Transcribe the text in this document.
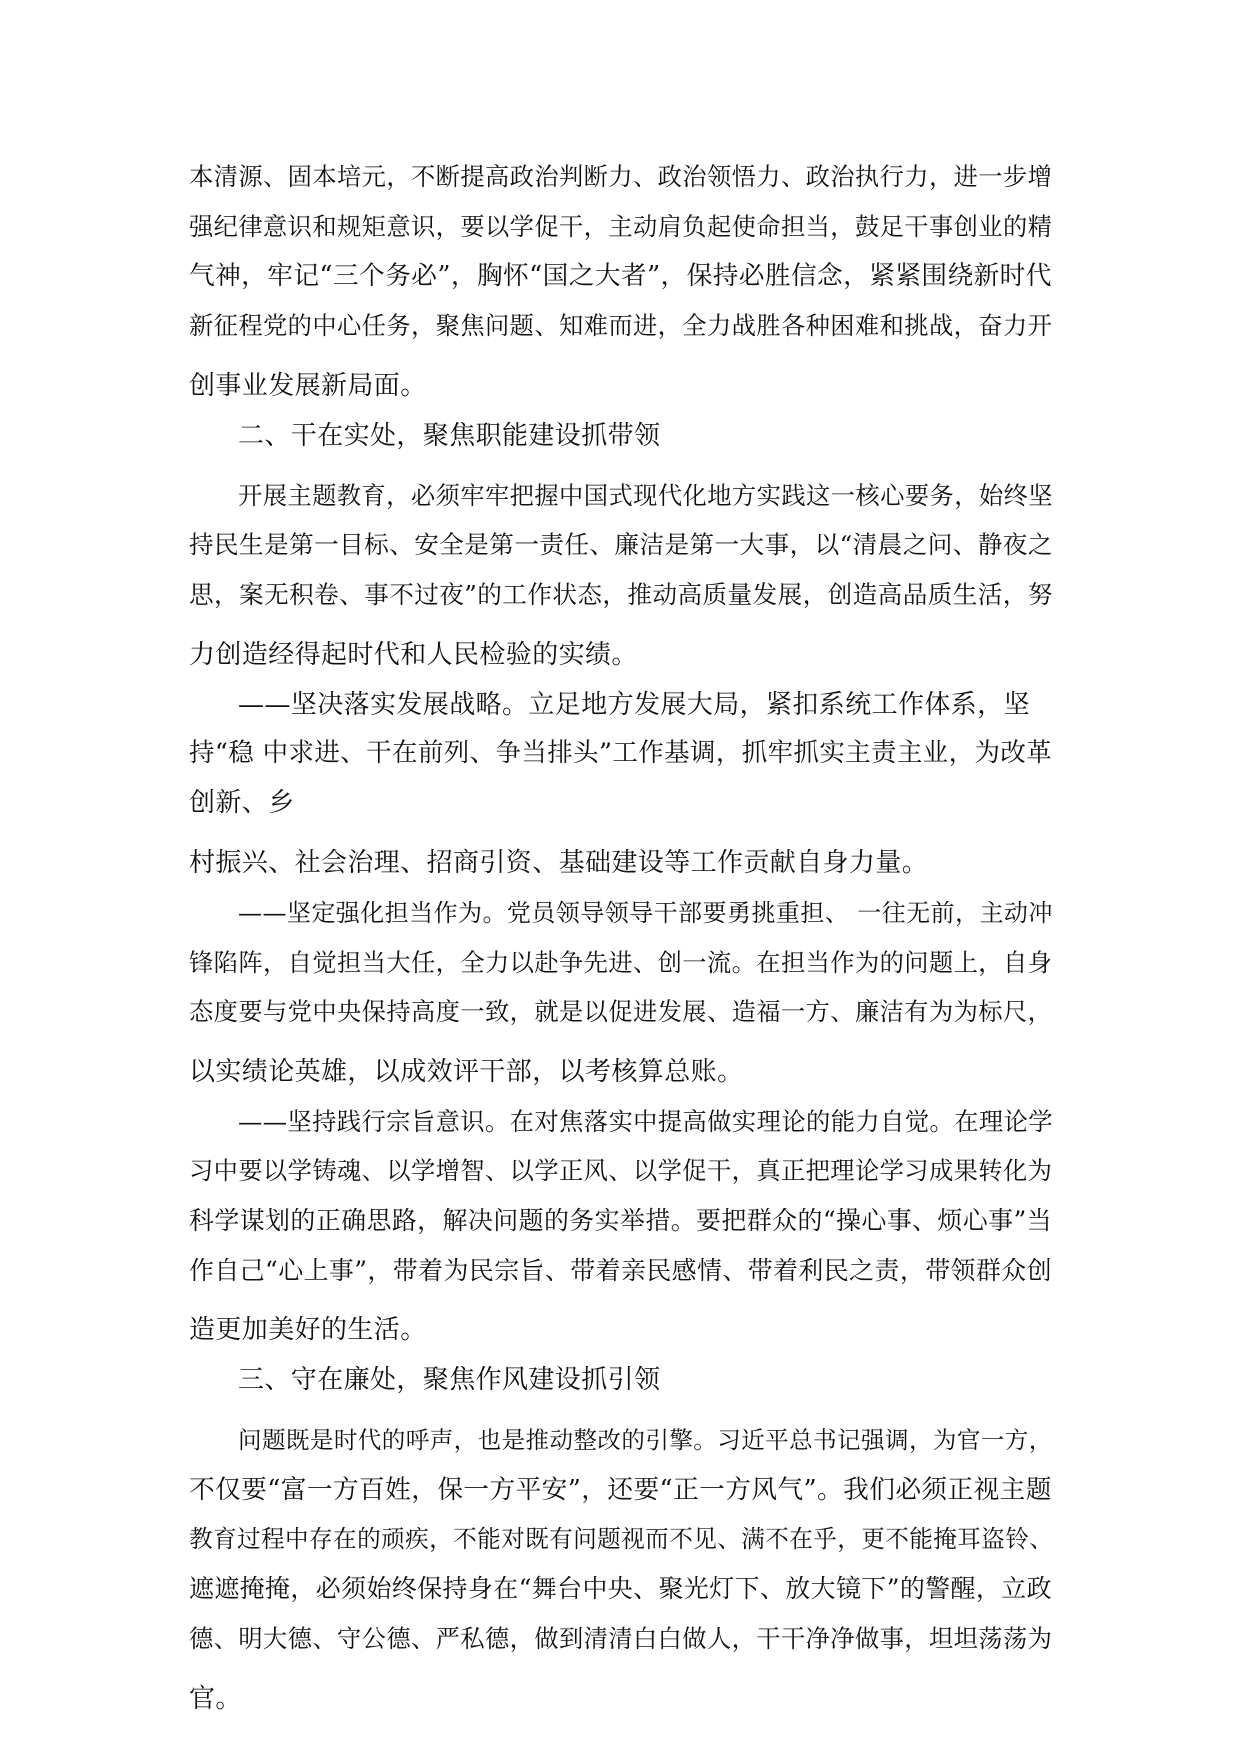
本清源、固本培元，不断提高政治判断力、政治领悟力、政治执行力，进一步增
强纪律意识和规矩意识，要以学促干，主动肩负起使命担当，鼓足干事创业的精
气神，牢记“三个务必”，胸怀“国之大者”，保持必胜信念，紧紧围绕新时代
新征程党的中心任务，聚焦问题、知难而进，全力战胜各种困难和挑战，奋力开
创事业发展新局面。
二、干在实处，聚焦职能建设抓带领
开展主题教育，必须牢牢把握中国式现代化地方实践这一核心要务，始终坚
持民生是第一目标、安全是第一责任、廉洁是第一大事，以“清晨之问、静夜之
思，案无积卷、事不过夜”的工作状态，推动高质量发展，创造高品质生活，努
力创造经得起时代和人民检验的实绩。
——坚决落实发展战略。立足地方发展大局，紧扣系统工作体系，坚
持“稳 中求进、干在前列、争当排头”工作基调，抓牢抓实主责主业，为改革
创新、乡
村振兴、社会治理、招商引资、基础建设等工作贡献自身力量。
——坚定强化担当作为。党员领导领导干部要勇挑重担、 一往无前，主动冲
锋陷阵，自觉担当大任，全力以赴争先进、创一流。在担当作为的问题上，自身
态度要与党中央保持高度一致，就是以促进发展、造福一方、廉洁有为为标尺，
以实绩论英雄，以成效评干部，以考核算总账。
——坚持践行宗旨意识。在对焦落实中提高做实理论的能力自觉。在理论学
习中要以学铸魂、以学增智、以学正风、以学促干，真正把理论学习成果转化为
科学谋划的正确思路，解决问题的务实举措。要把群众的“操心事、烦心事”当
作自己“心上事”，带着为民宗旨、带着亲民感情、带着利民之责，带领群众创
造更加美好的生活。
三、守在廉处，聚焦作风建设抓引领
问题既是时代的呼声，也是推动整改的引擎。习近平总书记强调，为官一方，
不仅要“富一方百姓，保一方平安”，还要“正一方风气”。我们必须正视主题
教育过程中存在的顽疾，不能对既有问题视而不见、满不在乎，更不能掩耳盗铃、
遮遮掩掩，必须始终保持身在“舞台中央、聚光灯下、放大镜下”的警醒，立政
德、明大德、守公德、严私德，做到清清白白做人，干干净净做事，坦坦荡荡为
官。
